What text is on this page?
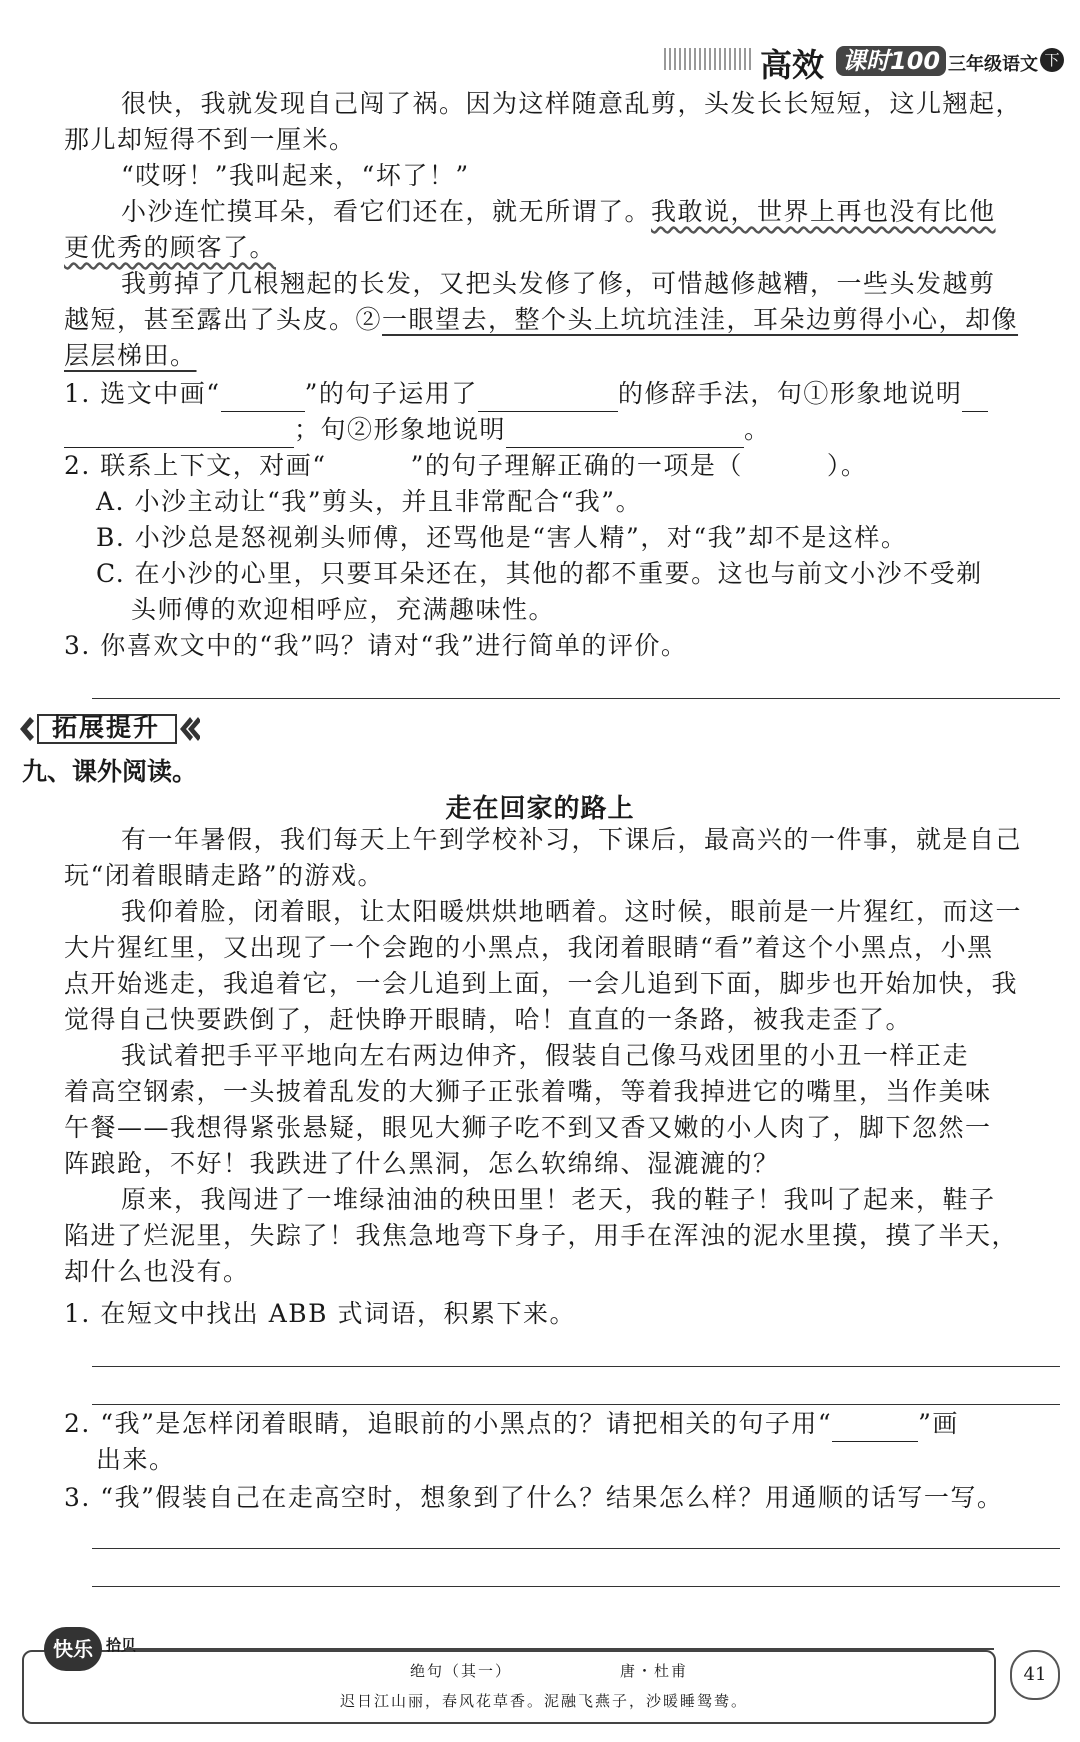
高效 课时100 三年级语文 下
很快，我就发现自己闯了祸。因为这样随意乱剪，头发长长短短，这儿翘起，
那儿却短得不到一厘米。
“哎呀！”我叫起来，“坏了！”
小沙连忙摸耳朵，看它们还在，就无所谓了。我敢说，世界上再也没有比他
更优秀的顾客了。
我剪掉了几根翘起的长发，又把头发修了修，可惜越修越糟，一些头发越剪
越短，甚至露出了头皮。②一眼望去，整个头上坑坑洼洼，耳朵边剪得小心，却像
层层梯田。
1. 选文中画“	”的句子运用了	的修辞手法，句①形象地说明
；句②形象地说明	。
2. 联系上下文，对画“	”的句子理解正确的一项是（	）。
A. 小沙主动让“我”剪头，并且非常配合“我”。
B. 小沙总是怒视剃头师傅，还骂他是“害人精”，对“我”却不是这样。
C. 在小沙的心里，只要耳朵还在，其他的都不重要。这也与前文小沙不受剃
头师傅的欢迎相呼应，充满趣味性。
3. 你喜欢文中的“我”吗？请对“我”进行简单的评价。
拓展提升
九、课外阅读。
走在回家的路上
有一年暑假，我们每天上午到学校补习，下课后，最高兴的一件事，就是自己
玩“闭着眼睛走路”的游戏。
我仰着脸，闭着眼，让太阳暖烘烘地晒着。这时候，眼前是一片猩红，而这一
大片猩红里，又出现了一个会跑的小黑点，我闭着眼睛“看”着这个小黑点，小黑
点开始逃走，我追着它，一会儿追到上面，一会儿追到下面，脚步也开始加快，我
觉得自己快要跌倒了，赶快睁开眼睛，哈！直直的一条路，被我走歪了。
我试着把手平平地向左右两边伸齐，假装自己像马戏团里的小丑一样正走
着高空钢索，一头披着乱发的大狮子正张着嘴，等着我掉进它的嘴里，当作美味
午餐——我想得紧张悬疑，眼见大狮子吃不到又香又嫩的小人肉了，脚下忽然一
阵踉跄，不好！我跌进了什么黑洞，怎么软绵绵、湿漉漉的？
原来，我闯进了一堆绿油油的秧田里！老天，我的鞋子！我叫了起来，鞋子
陷进了烂泥里，失踪了！我焦急地弯下身子，用手在浑浊的泥水里摸，摸了半天，
却什么也没有。
1. 在短文中找出 ABB 式词语，积累下来。
2. “我”是怎样闭着眼睛，追眼前的小黑点的？请把相关的句子用“	”画
出来。
3. “我”假装自己在走高空时，想象到了什么？结果怎么样？用通顺的话写一写。
快乐 拾贝
绝句（其一）	唐・杜甫
迟日江山丽，春风花草香。泥融飞燕子，沙暖睡鸳鸯。
41
